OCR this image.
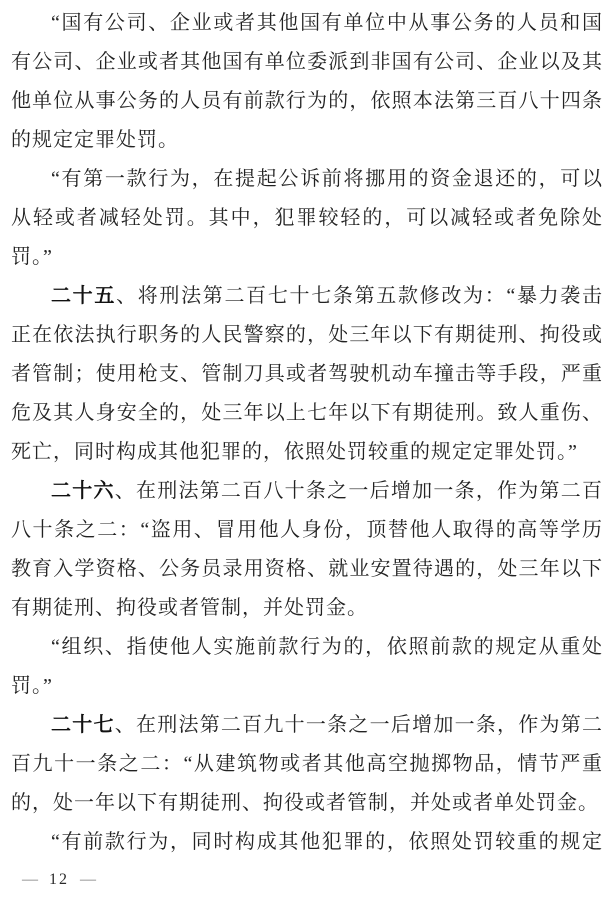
“国有公司、企业或者其他国有单位中从事公务的人员和国
有公司、企业或者其他国有单位委派到非国有公司、企业以及其
他单位从事公务的人员有前款行为的，依照本法第三百八十四条
的规定定罪处罚。
“有第一款行为，在提起公诉前将挪用的资金退还的，可以
从轻或者减轻处罚。其中，犯罪较轻的，可以减轻或者免除处
罚。”
二十五、将刑法第二百七十七条第五款修改为：“暴力袭击
正在依法执行职务的人民警察的，处三年以下有期徒刑、拘役或
者管制；使用枪支、管制刀具或者驾驶机动车撞击等手段，严重
危及其人身安全的，处三年以上七年以下有期徒刑。致人重伤、
死亡，同时构成其他犯罪的，依照处罚较重的规定定罪处罚。”
二十六、在刑法第二百八十条之一后增加一条，作为第二百
八十条之二：“盗用、冒用他人身份，顶替他人取得的高等学历
教育入学资格、公务员录用资格、就业安置待遇的，处三年以下
有期徒刑、拘役或者管制，并处罚金。
“组织、指使他人实施前款行为的，依照前款的规定从重处
罚。”
二十七、在刑法第二百九十一条之一后增加一条，作为第二
百九十一条之二：“从建筑物或者其他高空抛掷物品，情节严重
的，处一年以下有期徒刑、拘役或者管制，并处或者单处罚金。
“有前款行为，同时构成其他犯罪的，依照处罚较重的规定
— 12 —
